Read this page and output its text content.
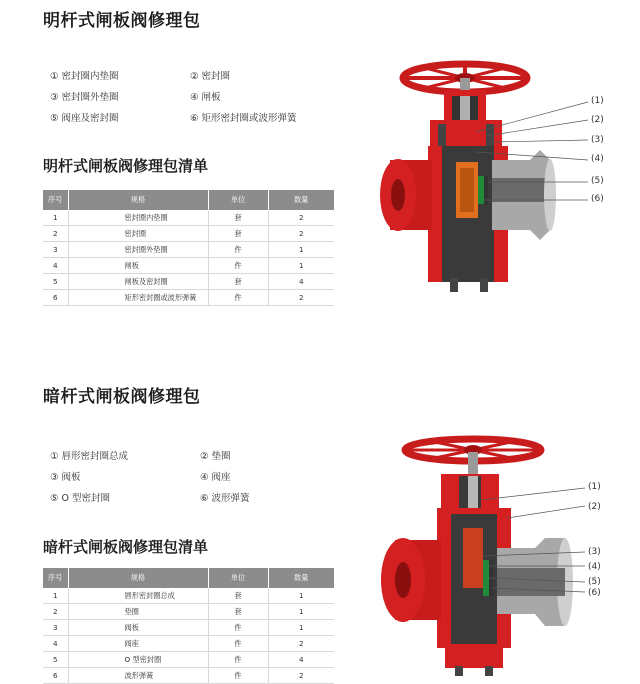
明杆式闸板阀修理包
① 密封圈内垫圈	② 密封圈
③ 密封圈外垫圈	④ 闸板
⑤ 阀座及密封圈	⑥ 矩形密封圈或波形弹簧
明杆式闸板阀修理包清单
序号	规格	单位	数量
1	密封圈内垫圈	套	2
2	密封圈	套	2
3	密封圈外垫圈	件	1
4	闸板	件	1
5	闸板及密封圈	套	4
6	矩形密封圈或波形弹簧	件	2
(1)
(2)
(3)
(4)
(5)
(6)
暗杆式闸板阀修理包
① 唇形密封圈总成	② 垫圈
③ 阀板	④ 阀座
⑤ O 型密封圈	⑥ 波形弹簧
暗杆式闸板阀修理包清单
序号	规格	单位	数量
1	唇形密封圈总成	套	1
2	垫圈	套	1
3	阀板	件	1
4	阀座	件	2
5	O 型密封圈	件	4
6	波形弹簧	件	2
(1)
(2)
(3)
(4)
(5)
(6)
